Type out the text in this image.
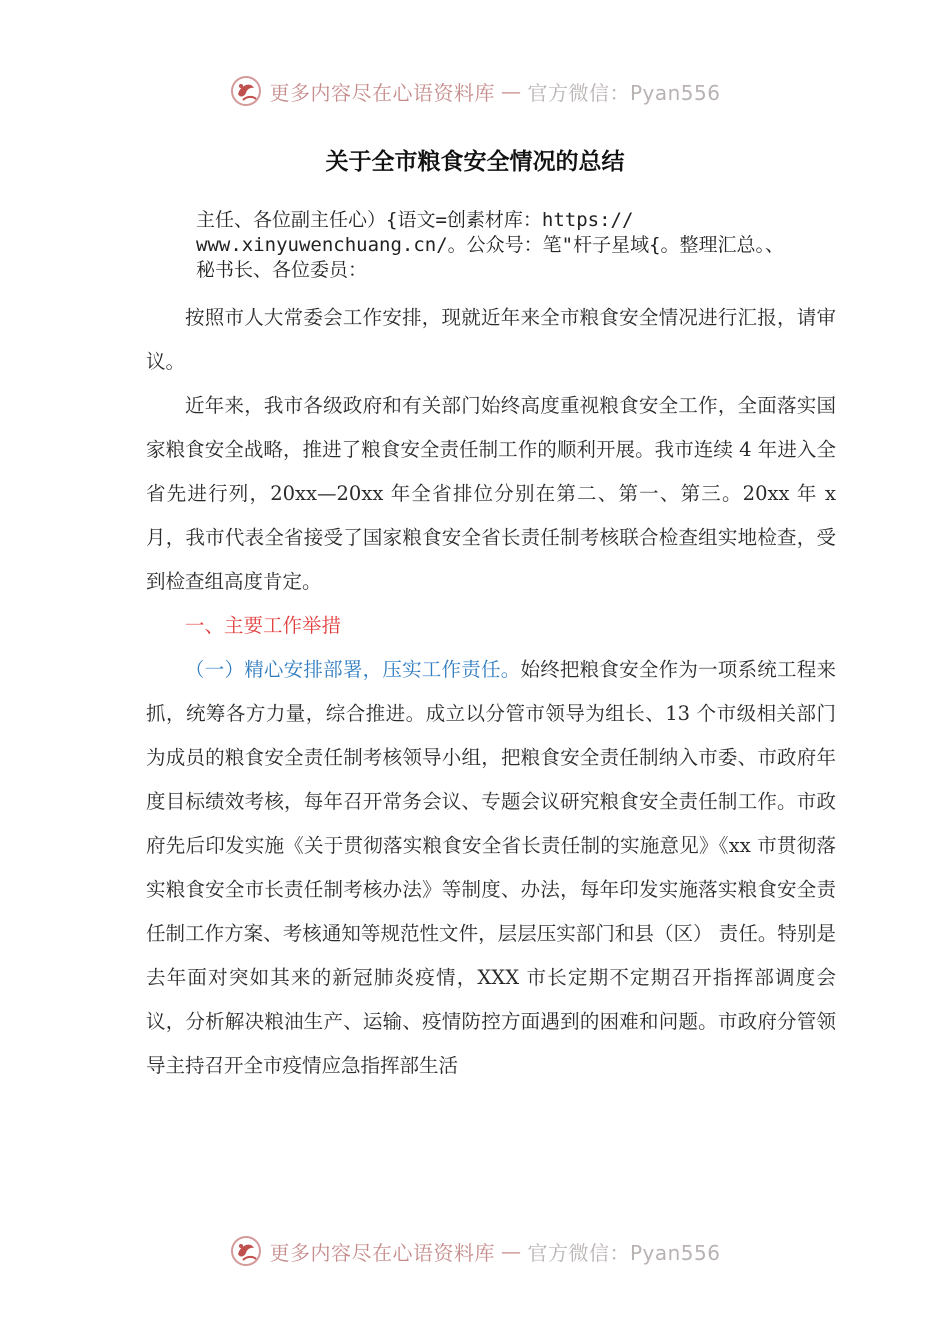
更多内容尽在心语资料库 — 官方微信：Pyan556
关于全市粮食安全情况的总结
主任、各位副主任心）{语文=创素材库：https://
www.xinyuwenchuang.cn/。公众号：笔"杆子星域{。整理汇总。、
秘书长、各位委员：

按照市人大常委会工作安排，现就近年来全市粮食安全情况进行汇报，请审议。

近年来，我市各级政府和有关部门始终高度重视粮食安全工作，全面落实国家粮食安全战略，推进了粮食安全责任制工作的顺利开展。我市连续 4 年进入全省先进行列，20xx—20xx 年全省排位分别在第二、第一、第三。20xx 年 x 月，我市代表全省接受了国家粮食安全省长责任制考核联合检查组实地检查，受到检查组高度肯定。

一、主要工作举措

（一）精心安排部署，压实工作责任。始终把粮食安全作为一项系统工程来抓，统筹各方力量，综合推进。成立以分管市领导为组长、13 个市级相关部门为成员的粮食安全责任制考核领导小组，把粮食安全责任制纳入市委、市政府年度目标绩效考核，每年召开常务会议、专题会议研究粮食安全责任制工作。市政府先后印发实施《关于贯彻落实粮食安全省长责任制的实施意见》《xx 市贯彻落实粮食安全市长责任制考核办法》等制度、办法，每年印发实施落实粮食安全责任制工作方案、考核通知等规范性文件，层层压实部门和县（区） 责任。特别是去年面对突如其来的新冠肺炎疫情，XXX 市长定期不定期召开指挥部调度会议，分析解决粮油生产、运输、疫情防控方面遇到的困难和问题。市政府分管领导主持召开全市疫情应急指挥部生活

更多内容尽在心语资料库 — 官方微信：Pyan556
